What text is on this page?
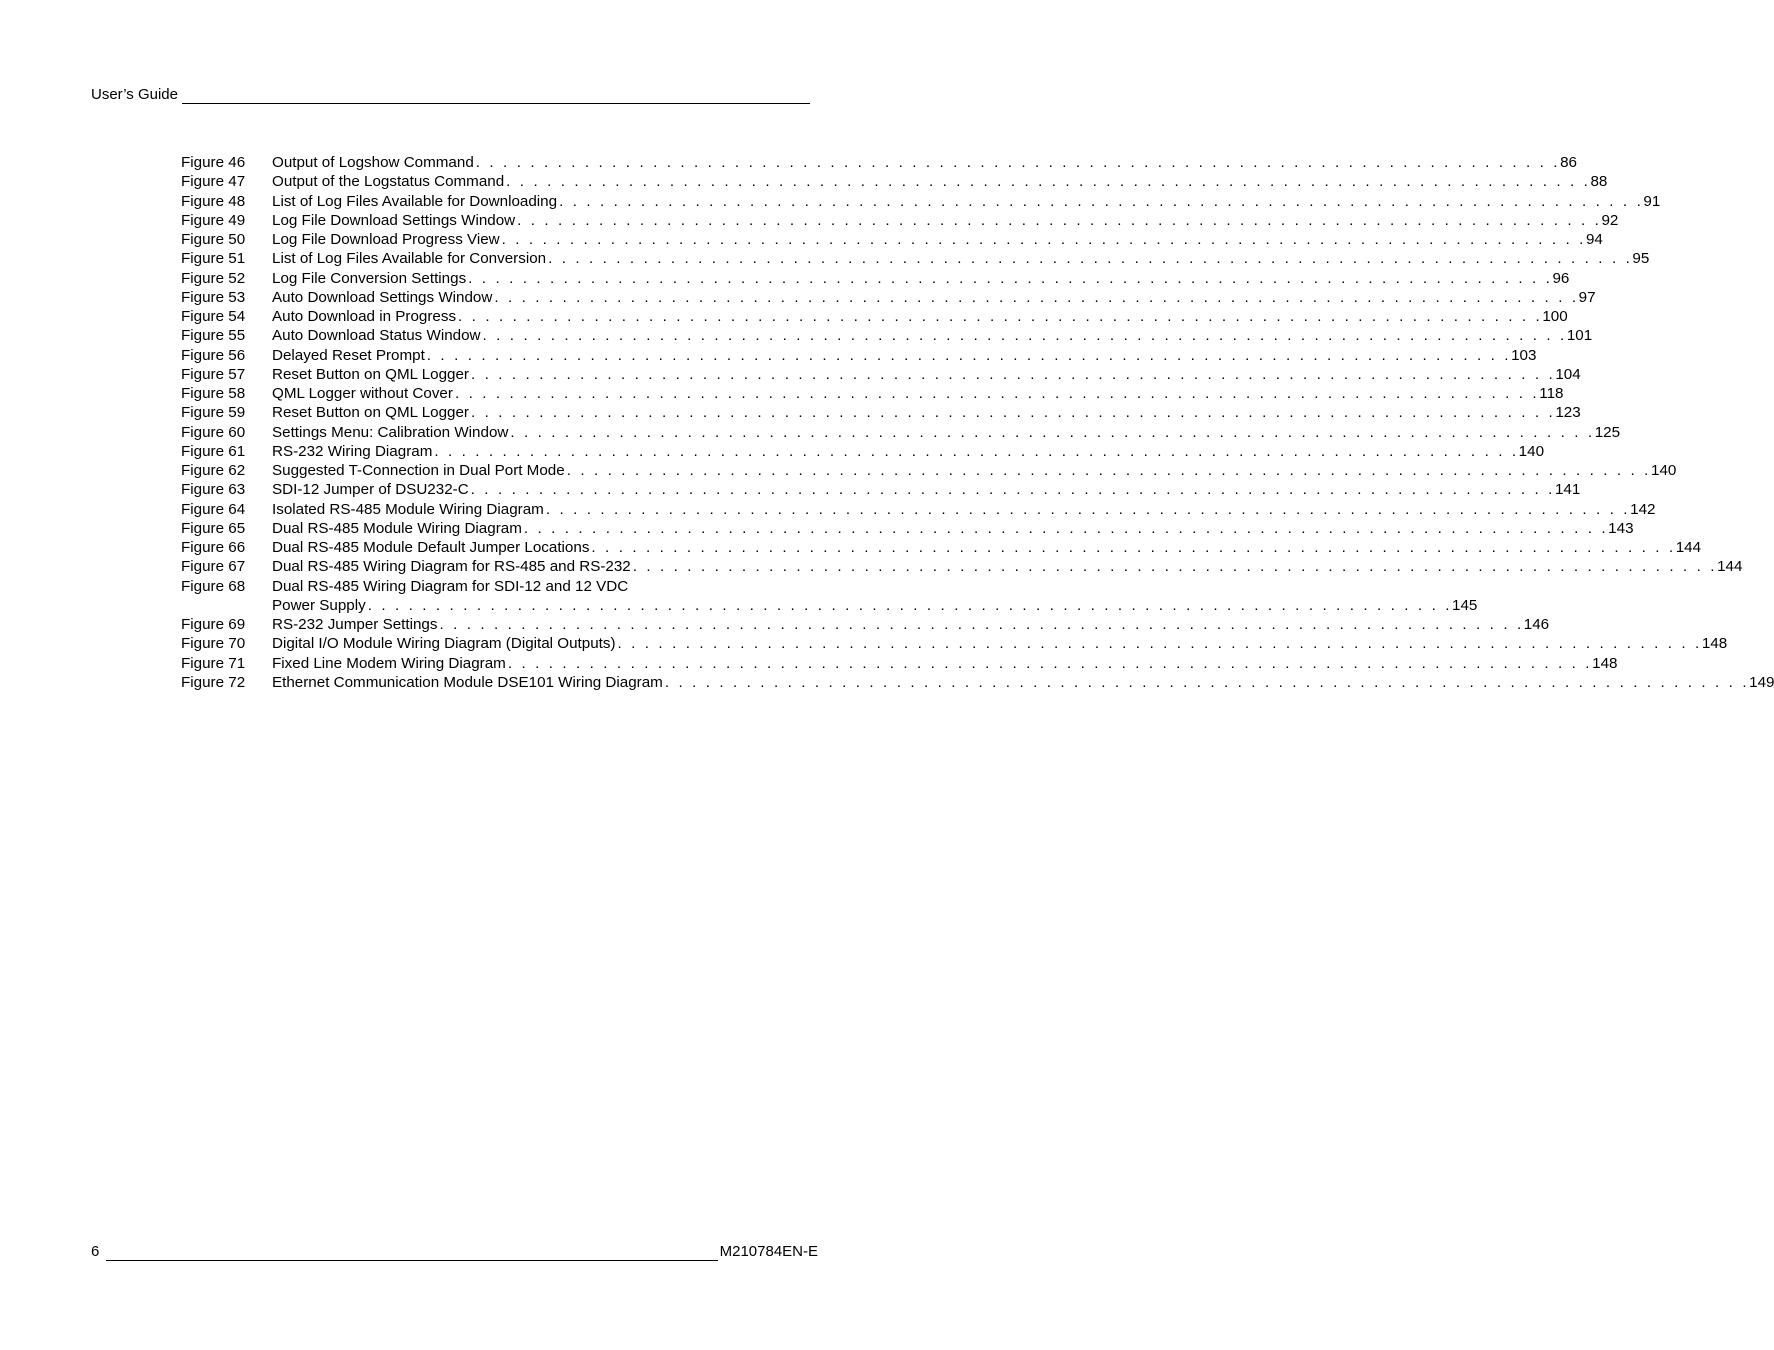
User’s Guide
Figure 46	Output of Logshow Command . . . . . . . . . . . . . . . . . . . . . . . . . . . . . . . . . . . . . . . . . . . . . . . . . . . . . . . . . . . . . . . . . . . . . . . . . . . . . . . . 86
Figure 47	Output of the Logstatus Command . . . . . . . . . . . . . . . . . . . . . . . . . . . . . . . . . . . . . . . . . . . . . . . . . . . . . . . . . . . . . . . . . . . . . . . . . . . . . . . . 88
Figure 48	List of Log Files Available for Downloading . . . . . . . . . . . . . . . . . . . . . . . . . . . . . . . . . . . . . . . . . . . . . . . . . . . . . . . . . . . . . . . . . . . . . . . . . . . . . . . . 91
Figure 49	Log File Download Settings Window . . . . . . . . . . . . . . . . . . . . . . . . . . . . . . . . . . . . . . . . . . . . . . . . . . . . . . . . . . . . . . . . . . . . . . . . . . . . . . . . 92
Figure 50	Log File Download Progress View . . . . . . . . . . . . . . . . . . . . . . . . . . . . . . . . . . . . . . . . . . . . . . . . . . . . . . . . . . . . . . . . . . . . . . . . . . . . . . . . 94
Figure 51	List of Log Files Available for Conversion . . . . . . . . . . . . . . . . . . . . . . . . . . . . . . . . . . . . . . . . . . . . . . . . . . . . . . . . . . . . . . . . . . . . . . . . . . . . . . . . 95
Figure 52	Log File Conversion Settings . . . . . . . . . . . . . . . . . . . . . . . . . . . . . . . . . . . . . . . . . . . . . . . . . . . . . . . . . . . . . . . . . . . . . . . . . . . . . . . . 96
Figure 53	Auto Download Settings Window . . . . . . . . . . . . . . . . . . . . . . . . . . . . . . . . . . . . . . . . . . . . . . . . . . . . . . . . . . . . . . . . . . . . . . . . . . . . . . . . 97
Figure 54	Auto Download in Progress . . . . . . . . . . . . . . . . . . . . . . . . . . . . . . . . . . . . . . . . . . . . . . . . . . . . . . . . . . . . . . . . . . . . . . . . . . . . . . . . 100
Figure 55	Auto Download Status Window . . . . . . . . . . . . . . . . . . . . . . . . . . . . . . . . . . . . . . . . . . . . . . . . . . . . . . . . . . . . . . . . . . . . . . . . . . . . . . . . 101
Figure 56	Delayed Reset Prompt . . . . . . . . . . . . . . . . . . . . . . . . . . . . . . . . . . . . . . . . . . . . . . . . . . . . . . . . . . . . . . . . . . . . . . . . . . . . . . . . 103
Figure 57	Reset Button on QML Logger . . . . . . . . . . . . . . . . . . . . . . . . . . . . . . . . . . . . . . . . . . . . . . . . . . . . . . . . . . . . . . . . . . . . . . . . . . . . . . . . 104
Figure 58	QML Logger without Cover . . . . . . . . . . . . . . . . . . . . . . . . . . . . . . . . . . . . . . . . . . . . . . . . . . . . . . . . . . . . . . . . . . . . . . . . . . . . . . . . 118
Figure 59	Reset Button on QML Logger . . . . . . . . . . . . . . . . . . . . . . . . . . . . . . . . . . . . . . . . . . . . . . . . . . . . . . . . . . . . . . . . . . . . . . . . . . . . . . . . 123
Figure 60	Settings Menu: Calibration Window . . . . . . . . . . . . . . . . . . . . . . . . . . . . . . . . . . . . . . . . . . . . . . . . . . . . . . . . . . . . . . . . . . . . . . . . . . . . . . . . 125
Figure 61	RS-232 Wiring Diagram . . . . . . . . . . . . . . . . . . . . . . . . . . . . . . . . . . . . . . . . . . . . . . . . . . . . . . . . . . . . . . . . . . . . . . . . . . . . . . . . 140
Figure 62	Suggested T-Connection in Dual Port Mode . . . . . . . . . . . . . . . . . . . . . . . . . . . . . . . . . . . . . . . . . . . . . . . . . . . . . . . . . . . . . . . . . . . . . . . . . . . . . . . . 140
Figure 63	SDI-12 Jumper of DSU232-C . . . . . . . . . . . . . . . . . . . . . . . . . . . . . . . . . . . . . . . . . . . . . . . . . . . . . . . . . . . . . . . . . . . . . . . . . . . . . . . . 141
Figure 64	Isolated RS-485 Module Wiring Diagram . . . . . . . . . . . . . . . . . . . . . . . . . . . . . . . . . . . . . . . . . . . . . . . . . . . . . . . . . . . . . . . . . . . . . . . . . . . . . . . . 142
Figure 65	Dual RS-485 Module Wiring Diagram . . . . . . . . . . . . . . . . . . . . . . . . . . . . . . . . . . . . . . . . . . . . . . . . . . . . . . . . . . . . . . . . . . . . . . . . . . . . . . . . 143
Figure 66	Dual RS-485 Module Default Jumper Locations . . . . . . . . . . . . . . . . . . . . . . . . . . . . . . . . . . . . . . . . . . . . . . . . . . . . . . . . . . . . . . . . . . . . . . . . . . . . . . . . 144
Figure 67	Dual RS-485 Wiring Diagram for RS-485 and RS-232 . . . . . . . . . . . . . . . . . . . . . . . . . . . . . . . . . . . . . . . . . . . . . . . . . . . . . . . . . . . . . . . . . . . . . . . . . . . . . . . . 144
Figure 68	Dual RS-485 Wiring Diagram for SDI-12 and 12 VDC
Power Supply . . . . . . . . . . . . . . . . . . . . . . . . . . . . . . . . . . . . . . . . . . . . . . . . . . . . . . . . . . . . . . . . . . . . . . . . . . . . . . . . 145
Figure 69	RS-232 Jumper Settings . . . . . . . . . . . . . . . . . . . . . . . . . . . . . . . . . . . . . . . . . . . . . . . . . . . . . . . . . . . . . . . . . . . . . . . . . . . . . . . . 146
Figure 70	Digital I/O Module Wiring Diagram (Digital Outputs) . . . . . . . . . . . . . . . . . . . . . . . . . . . . . . . . . . . . . . . . . . . . . . . . . . . . . . . . . . . . . . . . . . . . . . . . . . . . . . . . 148
Figure 71	Fixed Line Modem Wiring Diagram . . . . . . . . . . . . . . . . . . . . . . . . . . . . . . . . . . . . . . . . . . . . . . . . . . . . . . . . . . . . . . . . . . . . . . . . . . . . . . . . 148
Figure 72	Ethernet Communication Module DSE101 Wiring Diagram . . . . . . . . . . . . . . . . . . . . . . . . . . . . . . . . . . . . . . . . . . . . . . . . . . . . . . . . . . . . . . . . . . . . . . . . . . . . . . . . 149
6	M210784EN-E
